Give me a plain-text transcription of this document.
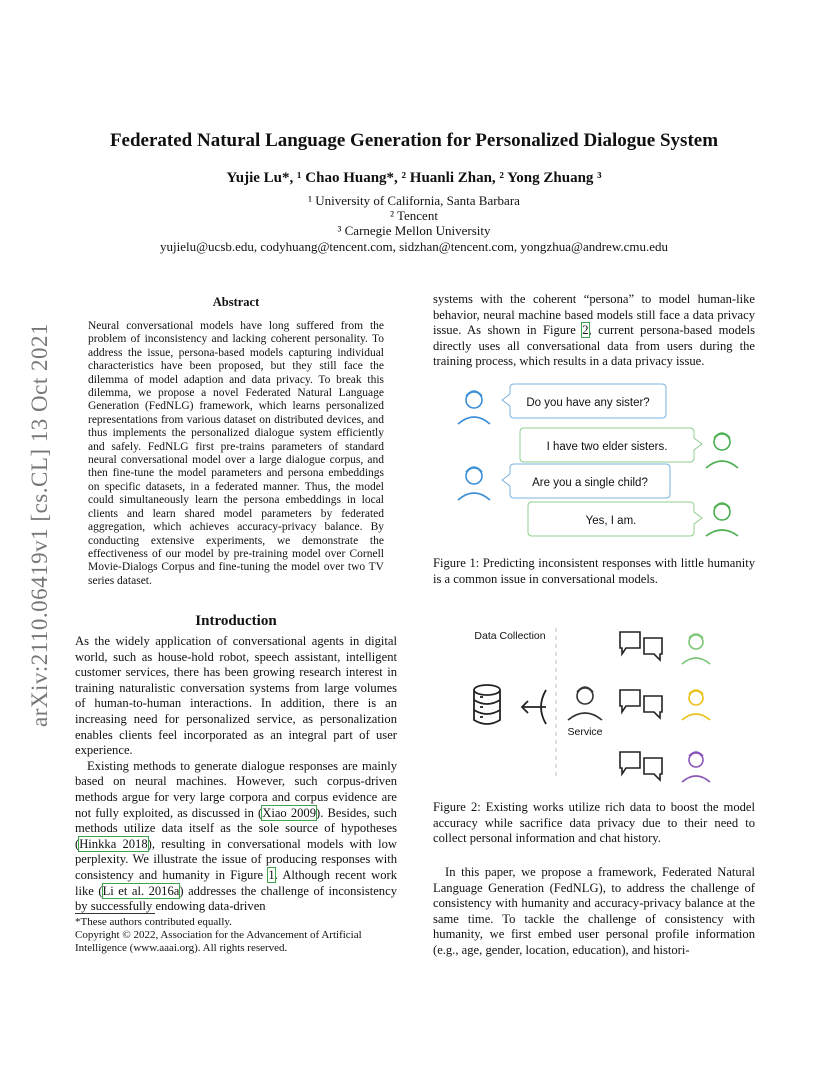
Federated Natural Language Generation for Personalized Dialogue System
Yujie Lu*, ¹ Chao Huang*, ² Huanli Zhan, ² Yong Zhuang ³
¹ University of California, Santa Barbara
² Tencent
³ Carnegie Mellon University
yujielu@ucsb.edu, codyhuang@tencent.com, sidzhan@tencent.com, yongzhua@andrew.cmu.edu
arXiv:2110.06419v1 [cs.CL] 13 Oct 2021
Abstract
Neural conversational models have long suffered from the problem of inconsistency and lacking coherent personality. To address the issue, persona-based models capturing individual characteristics have been proposed, but they still face the dilemma of model adaption and data privacy. To break this dilemma, we propose a novel Federated Natural Language Generation (FedNLG) framework, which learns personalized representations from various dataset on distributed devices, and thus implements the personalized dialogue system efficiently and safely. FedNLG first pre-trains parameters of standard neural conversational model over a large dialogue corpus, and then fine-tune the model parameters and persona embeddings on specific datasets, in a federated manner. Thus, the model could simultaneously learn the persona embeddings in local clients and learn shared model parameters by federated aggregation, which achieves accuracy-privacy balance. By conducting extensive experiments, we demonstrate the effectiveness of our model by pre-training model over Cornell Movie-Dialogs Corpus and fine-tuning the model over two TV series dataset.
Introduction

As the widely application of conversational agents in digital world, such as house-hold robot, speech assistant, intelligent customer services, there has been growing research interest in training naturalistic conversation systems from large volumes of human-to-human interactions. In addition, there is an increasing need for personalized service, as personalization enables clients feel incorporated as an integral part of user experience.

Existing methods to generate dialogue responses are mainly based on neural machines. However, such corpus-driven methods argue for very large corpora and corpus evidence are not fully exploited, as discussed in (Xiao 2009). Besides, such methods utilize data itself as the sole source of hypotheses (Hinkka 2018), resulting in conversational models with low perplexity. We illustrate the issue of producing responses with consistency and humanity in Figure 1. Although recent work like (Li et al. 2016a) addresses the challenge of inconsistency by successfully endowing data-driven

*These authors contributed equally.
Copyright © 2022, Association for the Advancement of Artificial Intelligence (www.aaai.org). All rights reserved.

systems with the coherent “persona” to model human-like behavior, neural machine based models still face a data privacy issue. As shown in Figure 2, current persona-based models directly uses all conversational data from users during the training process, which results in a data privacy issue.

Do you have any sister?
I have two elder sisters.
Are you a single child?
Yes, I am.
Figure 1: Predicting inconsistent responses with little humanity is a common issue in conversational models.
Data Collection
Service
Figure 2: Existing works utilize rich data to boost the model accuracy while sacrifice data privacy due to their need to collect personal information and chat history.

In this paper, we propose a framework, Federated Natural Language Generation (FedNLG), to address the challenge of consistency with humanity and accuracy-privacy balance at the same time. To tackle the challenge of consistency with humanity, we first embed user personal profile information (e.g., age, gender, location, education), and histori-
